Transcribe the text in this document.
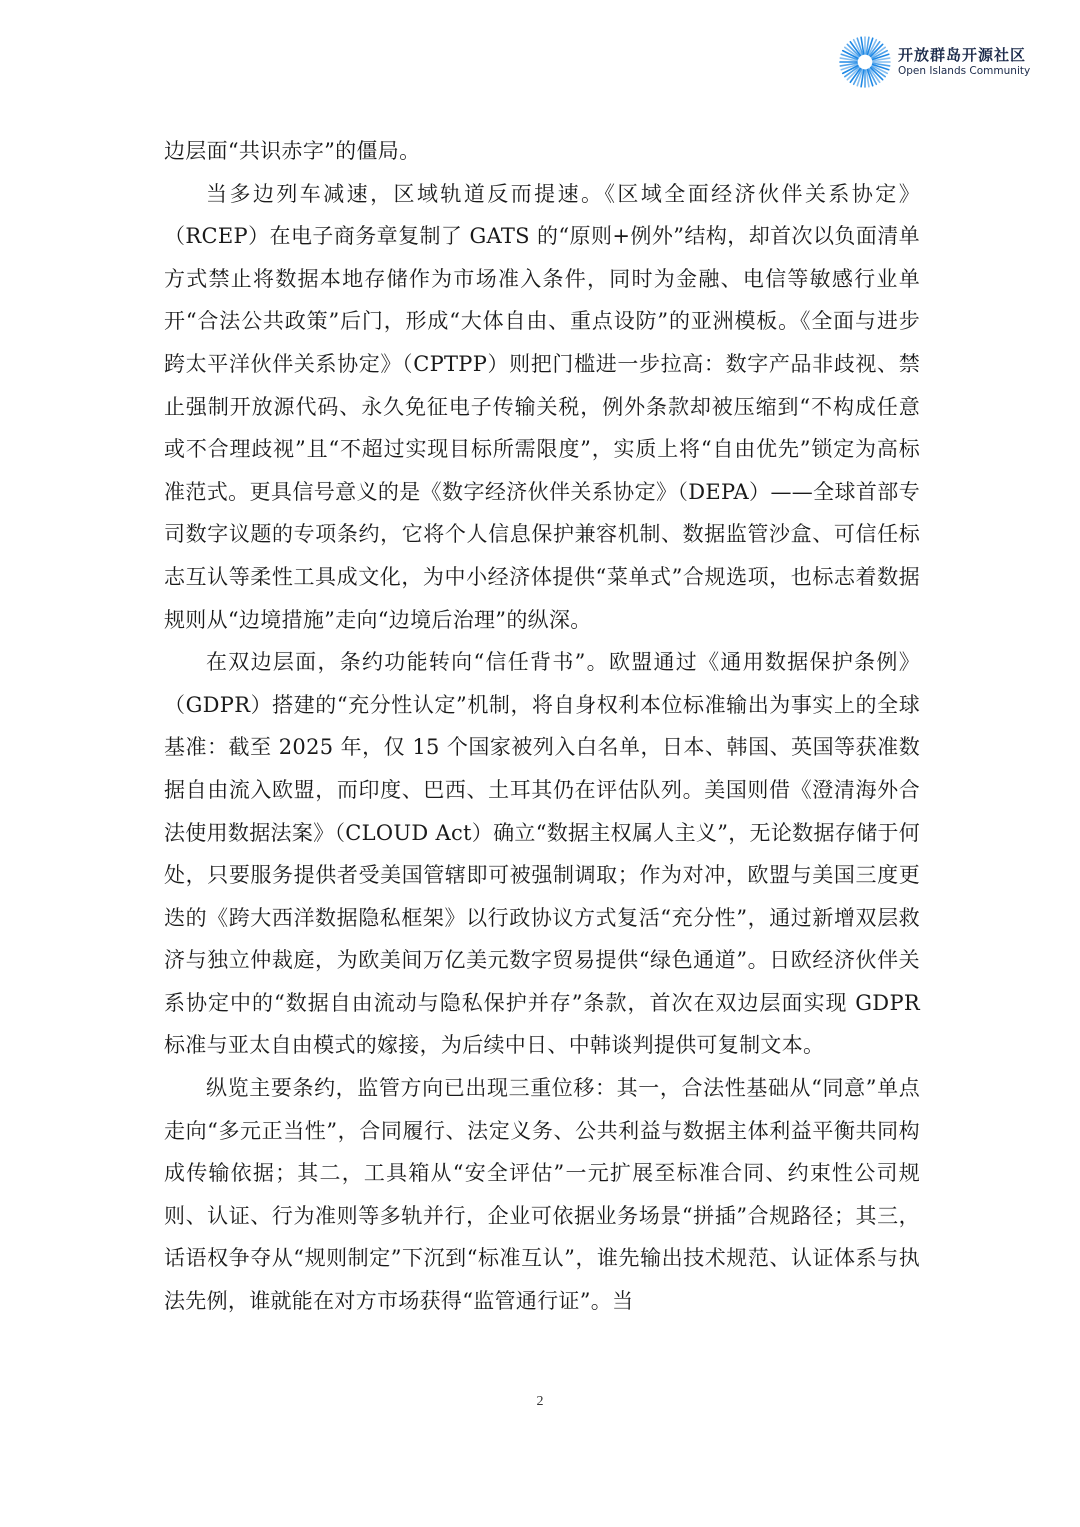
开放群岛开源社区
Open Islands Community

边层面“共识赤字”的僵局。

当多边列车减速，区域轨道反而提速。《区域全面经济伙伴关系协定》（RCEP）在电子商务章复制了 GATS 的“原则+例外”结构，却首次以负面清单方式禁止将数据本地存储作为市场准入条件，同时为金融、电信等敏感行业单开“合法公共政策”后门，形成“大体自由、重点设防”的亚洲模板。《全面与进步跨太平洋伙伴关系协定》（CPTPP）则把门槛进一步拉高：数字产品非歧视、禁止强制开放源代码、永久免征电子传输关税，例外条款却被压缩到“不构成任意或不合理歧视”且“不超过实现目标所需限度”，实质上将“自由优先”锁定为高标准范式。更具信号意义的是《数字经济伙伴关系协定》（DEPA）——全球首部专司数字议题的专项条约，它将个人信息保护兼容机制、数据监管沙盒、可信任标志互认等柔性工具成文化，为中小经济体提供“菜单式”合规选项，也标志着数据规则从“边境措施”走向“边境后治理”的纵深。

在双边层面，条约功能转向“信任背书”。欧盟通过《通用数据保护条例》（GDPR）搭建的“充分性认定”机制，将自身权利本位标准输出为事实上的全球基准：截至 2025 年，仅 15 个国家被列入白名单，日本、韩国、英国等获准数据自由流入欧盟，而印度、巴西、土耳其仍在评估队列。美国则借《澄清海外合法使用数据法案》（CLOUD Act）确立“数据主权属人主义”，无论数据存储于何处，只要服务提供者受美国管辖即可被强制调取；作为对冲，欧盟与美国三度更迭的《跨大西洋数据隐私框架》以行政协议方式复活“充分性”，通过新增双层救济与独立仲裁庭，为欧美间万亿美元数字贸易提供“绿色通道”。日欧经济伙伴关系协定中的“数据自由流动与隐私保护并存”条款，首次在双边层面实现 GDPR 标准与亚太自由模式的嫁接，为后续中日、中韩谈判提供可复制文本。

纵览主要条约，监管方向已出现三重位移：其一，合法性基础从“同意”单点走向“多元正当性”，合同履行、法定义务、公共利益与数据主体利益平衡共同构成传输依据；其二，工具箱从“安全评估”一元扩展至标准合同、约束性公司规则、认证、行为准则等多轨并行，企业可依据业务场景“拼插”合规路径；其三，话语权争夺从“规则制定”下沉到“标准互认”，谁先输出技术规范、认证体系与执法先例，谁就能在对方市场获得“监管通行证”。当

2
